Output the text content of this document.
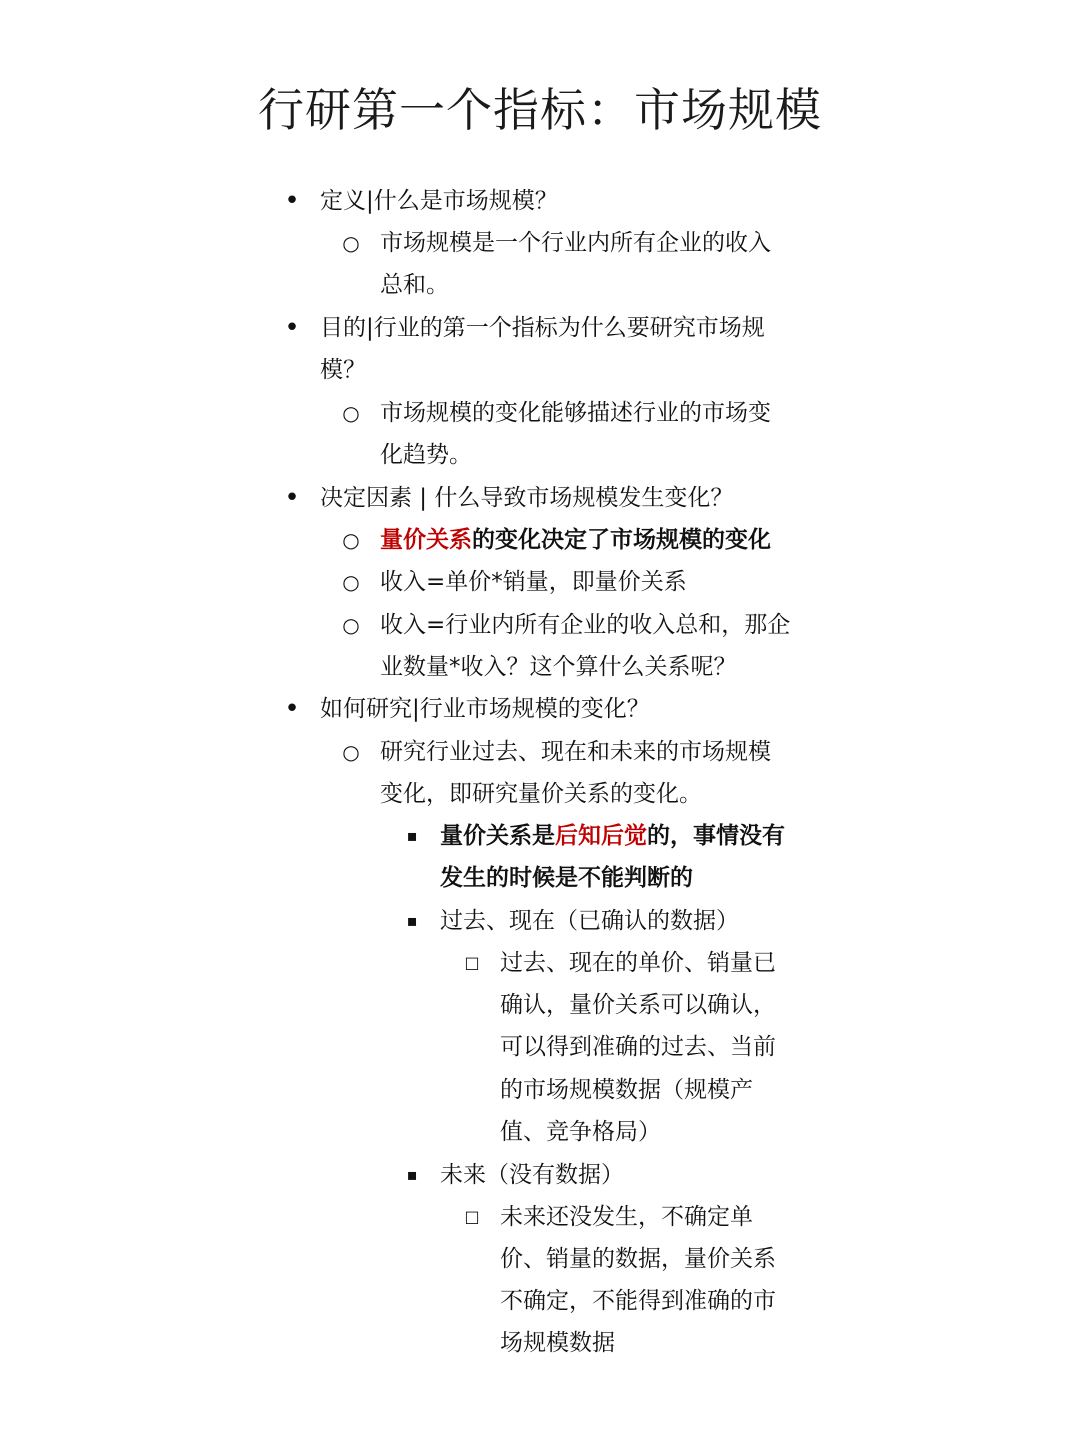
行研第一个指标：市场规模
• 定义|什么是市场规模？
○ 市场规模是一个行业内所有企业的收入
总和。
• 目的|行业的第一个指标为什么要研究市场规
模？
○ 市场规模的变化能够描述行业的市场变
化趋势。
• 决定因素 | 什么导致市场规模发生变化？
○ 量价关系的变化决定了市场规模的变化
○ 收入=单价*销量，即量价关系
○ 收入=行业内所有企业的收入总和，那企
业数量*收入？这个算什么关系呢？
• 如何研究|行业市场规模的变化？
○ 研究行业过去、现在和未来的市场规模
变化，即研究量价关系的变化。
▪ 量价关系是后知后觉的，事情没有
发生的时候是不能判断的
▪ 过去、现在（已确认的数据）
□ 过去、现在的单价、销量已
确认，量价关系可以确认，
可以得到准确的过去、当前
的市场规模数据（规模产
值、竞争格局）
▪ 未来（没有数据）
□ 未来还没发生，不确定单
价、销量的数据，量价关系
不确定，不能得到准确的市
场规模数据
